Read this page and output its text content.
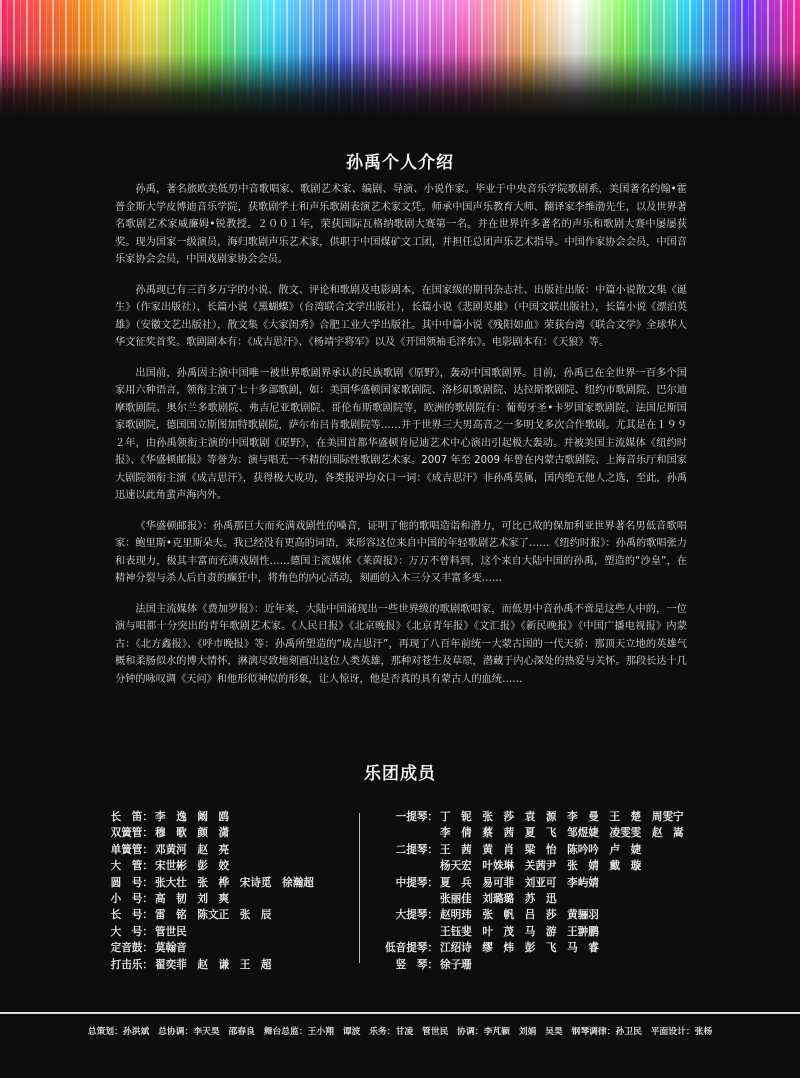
孙禹个人介绍

孙禹，著名旅欧美低男中音歌唱家、歌剧艺术家、编剧、导演、小说作家。毕业于中央音乐学院歌剧系，美国著名约翰•霍普金斯大学皮博迪音乐学院，获歌剧学士和声乐歌剧表演艺术家文凭。师承中国声乐教育大师、翻译家李维渤先生，以及世界著名歌剧艺术家威廉姆•锐教授。２００１年，荣获国际瓦格纳歌剧大赛第一名。并在世界许多著名的声乐和歌剧大赛中屡屡获奖。现为国家一级演员，海归歌剧声乐艺术家，供职于中国煤矿文工团，并担任总团声乐艺术指导。中国作家协会会员，中国音乐家协会会员，中国戏剧家协会会员。

孙禹现已有三百多万字的小说、散文、评论和歌剧及电影剧本，在国家级的期刊杂志社、出版社出版：中篇小说散文集《诞生》（作家出版社），长篇小说《黑蝴蝶》（台湾联合文学出版社），长篇小说《悲剧英雄》（中国文联出版社），长篇小说《漂泊英雄》（安徽文艺出版社），散文集《大家闺秀》合肥工业大学出版社。其中中篇小说《残阳如血》荣获台湾《联合文学》全球华人华文征奖首奖。歌剧剧本有：《成吉思汗》、《杨靖宇将军》以及《开国领袖毛泽东》。电影剧本有：《天狼》等。

出国前，孙禹因主演中国唯一被世界歌剧界承认的民族歌剧《原野》，轰动中国歌剧界。目前，孙禹已在全世界一百多个国家用六种语言，领衔主演了七十多部歌剧，如：美国华盛顿国家歌剧院、洛杉矶歌剧院、达拉斯歌剧院、纽约市歌剧院、巴尔迪摩歌剧院、奥尔兰多歌剧院、弗吉尼亚歌剧院、哥伦布斯歌剧院等，欧洲的歌剧院有：葡萄牙圣•卡罗国家歌剧院，法国尼斯国家歌剧院，德国国立斯图加特歌剧院，萨尔布吕肯歌剧院等……并于世界三大男高音之一多明戈多次合作歌剧。尤其是在１９９２年，由孙禹领衔主演的中国歌剧《原野》，在美国首都华盛顿肯尼迪艺术中心演出引起极大轰动。并被美国主流媒体《纽约时报》、《华盛顿邮报》等誉为：演与唱无一不精的国际性歌剧艺术家。2007 年至 2009 年曾在内蒙古歌剧院、上海音乐厅和国家大剧院领衔主演《成吉思汗》，获得极大成功，各类报评均众口一词：《成吉思汗》非孙禹莫属，国内绝无他人之选，至此，孙禹迅速以此角蜚声海内外。

《华盛顿邮报》：孙禹那巨大而充满戏剧性的嗓音，证明了他的歌唱造诣和潜力，可比已故的保加利亚世界著名男低音歌唱家：鲍里斯•克里斯朵夫。我已经没有更高的词语，来形容这位来自中国的年轻歌剧艺术家了……《纽约时报》：孙禹的歌唱张力和表现力，极其丰富而充满戏剧性……德国主流媒体《莱茵报》：万万不曾料到，这个来自大陆中国的孙禹，塑造的“沙皇”，在精神分裂与杀人后自责的癫狂中，将角色的内心活动，刻画的入木三分又丰富多变……

法国主流媒体《费加罗报》：近年来，大陆中国涌现出一些世界级的歌剧歌唱家，而低男中音孙禹不啻是这些人中的，一位演与唱都十分突出的青年歌剧艺术家。《人民日报》《北京晚报》《北京青年报》《文汇报》《新民晚报》《中国广播电视报》内蒙古：《北方鑫报》、《呼市晚报》等：孙禹所塑造的“成吉思汗”，再现了八百年前统一大蒙古国的一代天骄：那顶天立地的英雄气概和柔肠似水的博大情怀，淋漓尽致地刻画出这位人类英雄，那种对苍生及草原，潜藏于内心深处的热爱与关怀。那段长达十几分钟的咏叹调《天问》和他形似神似的形象，让人惊讶，他是否真的具有蒙古人的血统……

乐团成员
长　笛： 李　逸　阚　鸥
双簧管： 穆　歌　颜　潇
单簧管： 邓黄河　赵　亮
大　管： 宋世彬　彭　姣
圆　号： 张大壮　张　桦　宋诗觅　徐瀚超
小　号： 高　韧　刘　爽
长　号： 雷　铭　陈文正　张　辰
大　号： 管世民
定音鼓： 莫翰音
打击乐： 翟奕菲　赵　谦　王　超
一提琴： 丁　铌　张　莎　袁　源　李　曼　王　楚　周雯宁
李　倩　蔡　茜　夏　飞　邹煜婕　凌雯雯　赵　嵩
二提琴： 王　茜　黄　肖　梁　怡　陈吟吟　卢　婕
杨天宏　叶姝琳　关茜尹　张　婧　戴　璇
中提琴： 夏　兵　易可菲　刘亚可　李屿婧
张丽佳　刘璐璐　苏　迅
大提琴： 赵明玮　张　帆　吕　莎　黄骊羽
王钰斐　叶　茂　马　游　王翀鹏
低音提琴： 江绍诗　缪　炜　彭　飞　马　睿
竖　琴： 徐子珊
总策划：孙洪斌　总协调：李天昊　邵春良　舞台总监：王小翔　谭波　乐务：甘凌　管世民　协调：李芃颖　刘娟　吴昊　钢琴调律：孙卫民　平面设计：张杨
